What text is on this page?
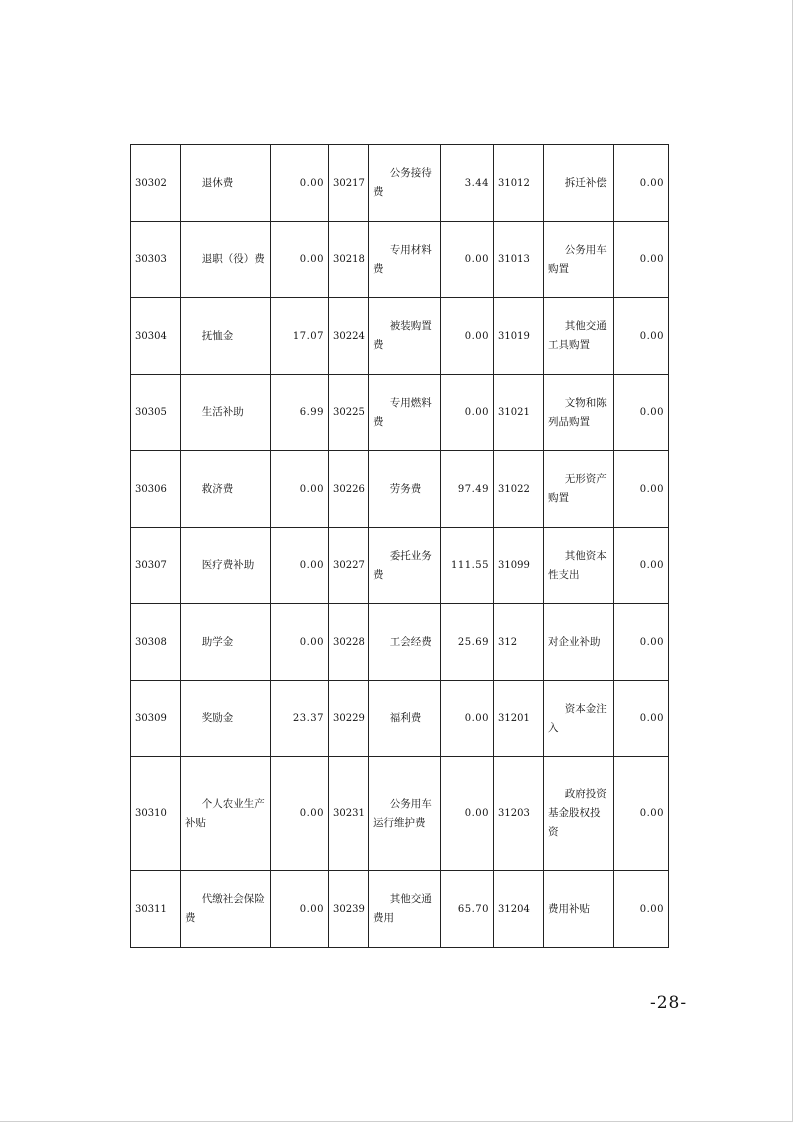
30302	退休费	0.00	30217	公务接待费	3.44	31012	拆迁补偿	0.00
30303	退职（役）费	0.00	30218	专用材料费	0.00	31013	公务用车购置	0.00
30304	抚恤金	17.07	30224	被装购置费	0.00	31019	其他交通工具购置	0.00
30305	生活补助	6.99	30225	专用燃料费	0.00	31021	文物和陈列品购置	0.00
30306	救济费	0.00	30226	劳务费	97.49	31022	无形资产购置	0.00
30307	医疗费补助	0.00	30227	委托业务费	111.55	31099	其他资本性支出	0.00
30308	助学金	0.00	30228	工会经费	25.69	312	对企业补助	0.00
30309	奖励金	23.37	30229	福利费	0.00	31201	资本金注入	0.00
30310	个人农业生产补贴	0.00	30231	公务用车运行维护费	0.00	31203	政府投资基金股权投资	0.00
30311	代缴社会保险费	0.00	30239	其他交通费用	65.70	31204	费用补贴	0.00
-28-
